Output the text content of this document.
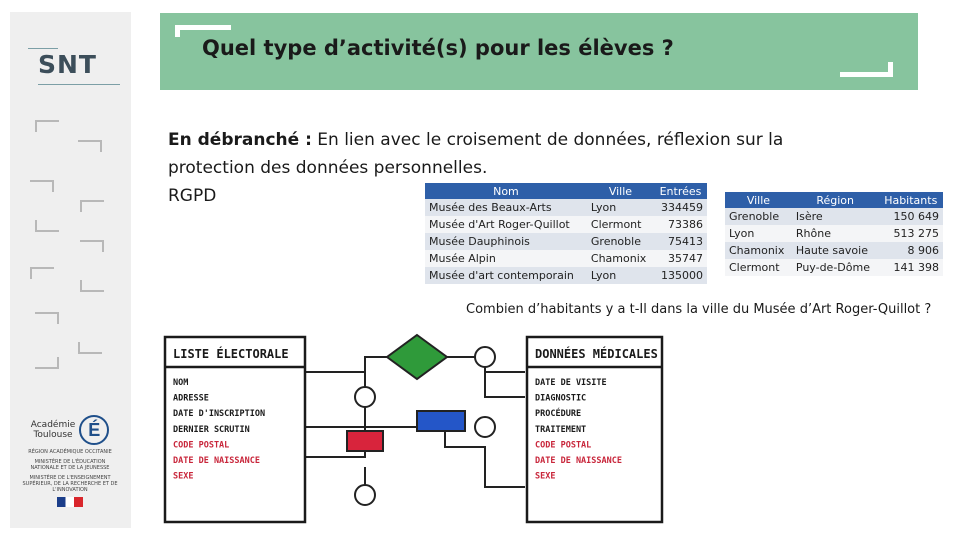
SNT
Académie
Toulouse É
RÉGION ACADÉMIQUE OCCITANIE
MINISTÈRE DE L'ÉDUCATION NATIONALE ET DE LA JEUNESSE
MINISTÈRE DE L'ENSEIGNEMENT SUPÉRIEUR, DE LA RECHERCHE ET DE L'INNOVATION
Quel type d’activité(s) pour les élèves ?
En débranché : En lien avec le croisement de données, réflexion sur la protection des données personnelles.
RGPD	Nom	Ville	Entrées
Musée des Beaux-Arts	Lyon	334459
Musée d'Art Roger-Quillot	Clermont	73386
Musée Dauphinois	Grenoble	75413
Musée Alpin	Chamonix	35747
Musée d'art contemporain	Lyon	135000
Ville	Région	Habitants
Grenoble	Isère	150 649
Lyon	Rhône	513 275
Chamonix	Haute savoie	8 906
Clermont	Puy-de-Dôme	141 398
Combien d’habitants y a t-Il dans la ville du Musée d’Art Roger-Quillot ?
LISTE ÉLECTORALE
NOM
ADRESSE
DATE D'INSCRIPTION
DERNIER SCRUTIN
CODE POSTAL
DATE DE NAISSANCE
SEXE
DONNÉES MÉDICALES
DATE DE VISITE
DIAGNOSTIC
PROCÉDURE
TRAITEMENT
CODE POSTAL
DATE DE NAISSANCE
SEXE
